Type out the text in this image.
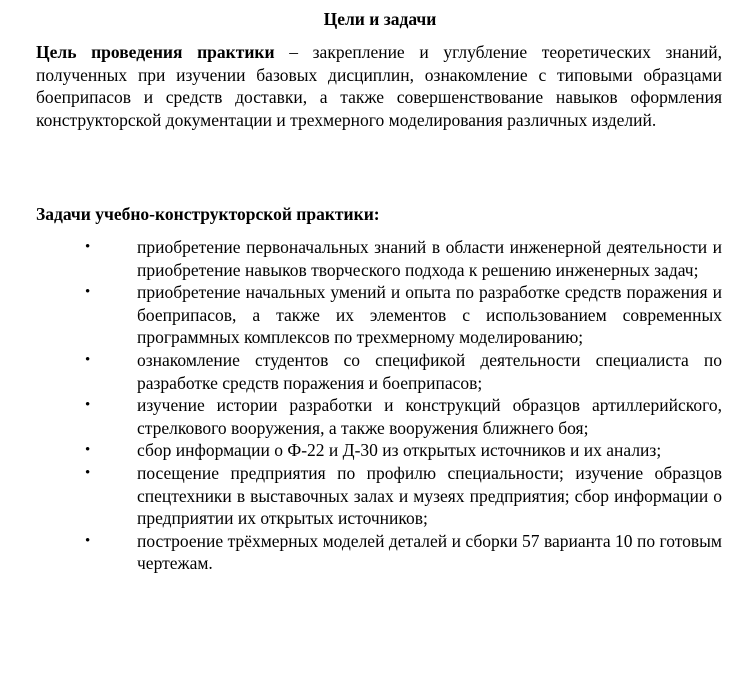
Цели и задачи

Цель проведения практики – закрепление и углубление теоретических знаний, полученных при изучении базовых дисциплин, ознакомление с типовыми образцами боеприпасов и средств доставки, а также совершенствование навыков оформления конструкторской документации и трехмерного моделирования различных изделий.

Задачи учебно-конструкторской практики:
•	приобретение первоначальных знаний в области инженерной деятельности и приобретение навыков творческого подхода к решению инженерных задач;
•	приобретение начальных умений и опыта по разработке средств поражения и боеприпасов, а также их элементов с использованием современных программных комплексов по трехмерному моделированию;
•	ознакомление студентов со спецификой деятельности специалиста по разработке средств поражения и боеприпасов;
•	изучение истории разработки и конструкций образцов артиллерийского, стрелкового вооружения, а также вооружения ближнего боя;
•	сбор информации о Ф-22 и Д-30 из открытых источников и их анализ;
•	посещение предприятия по профилю специальности; изучение образцов спецтехники в выставочных залах и музеях предприятия; сбор информации о предприятии их открытых источников;
•	построение трёхмерных моделей деталей и сборки 57 варианта 10 по готовым чертежам.
